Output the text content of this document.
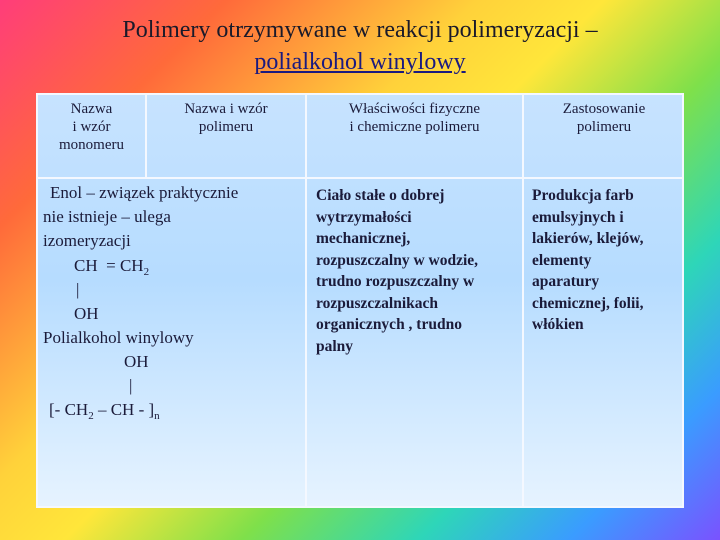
Polimery otrzymywane w reakcji polimeryzacji –
polialkohol winylowy
Nazwa
i wzór
monomeru
Nazwa i wzór
polimeru
Właściwości fizyczne
i chemiczne polimeru
Zastosowanie
polimeru
Enol – związek praktycznie
nie istnieje – ulega
izomeryzacji
CH  = $CH_2$
|
OH
Polialkohol winylowy
OH
|
[- $CH_2$ – CH - ]$_n$
Ciało stałe o dobrej
wytrzymałości
mechanicznej,
rozpuszczalny w wodzie,
trudno rozpuszczalny w
rozpuszczalnikach
organicznych , trudno
palny
Produkcja farb
emulsyjnych i
lakierów, klejów,
elementy
aparatury
chemicznej, folii,
włókien
